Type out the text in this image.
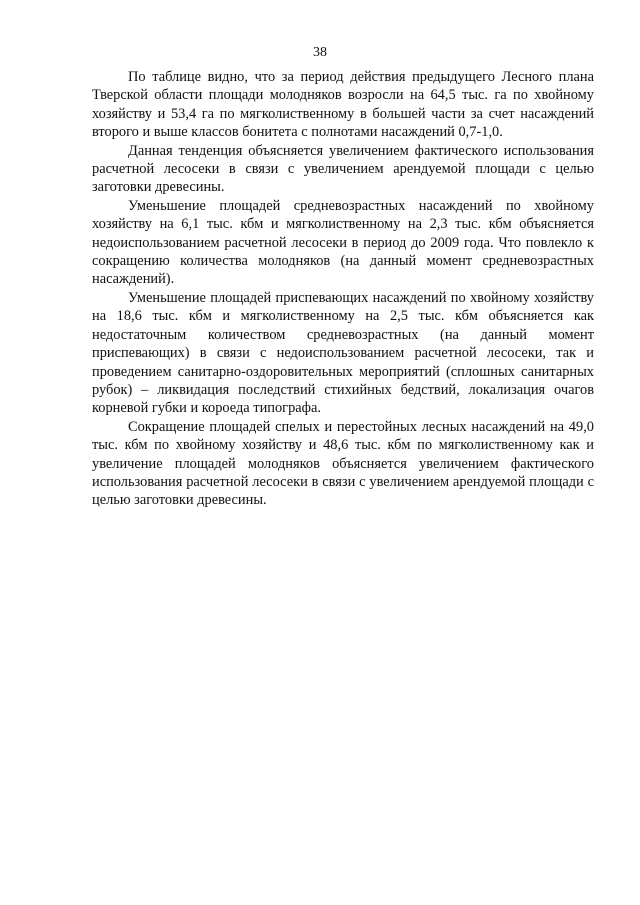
38

По таблице видно, что за период действия предыдущего Лесного плана Тверской области площади молодняков возросли на 64,5 тыс. га по хвойному хозяйству и 53,4 га по мягколиственному в большей части за счет насаждений второго и выше классов бонитета с полнотами насаждений 0,7-1,0.

Данная тенденция объясняется увеличением фактического использования расчетной лесосеки в связи с увеличением арендуемой площади с целью заготовки древесины.

Уменьшение площадей средневозрастных насаждений по хвойному хозяйству на 6,1 тыс. кбм и мягколиственному на 2,3 тыс. кбм объясняется недоиспользованием расчетной лесосеки в период до 2009 года. Что повлекло к сокращению количества молодняков (на данный момент средневозрастных насаждений).

Уменьшение площадей приспевающих насаждений по хвойному хозяйству на 18,6 тыс. кбм и мягколиственному на 2,5 тыс. кбм объясняется как недостаточным количеством средневозрастных (на данный момент приспевающих) в связи с недоиспользованием расчетной лесосеки, так и проведением санитарно-оздоровительных мероприятий (сплошных санитарных рубок) – ликвидация последствий стихийных бедствий, локализация очагов корневой губки и короеда типографа.

Сокращение площадей спелых и перестойных лесных насаждений на 49,0 тыс. кбм по хвойному хозяйству и 48,6 тыс. кбм по мягколиственному как и увеличение площадей молодняков объясняется увеличением фактического использования расчетной лесосеки в связи с увеличением арендуемой площади с целью заготовки древесины.
